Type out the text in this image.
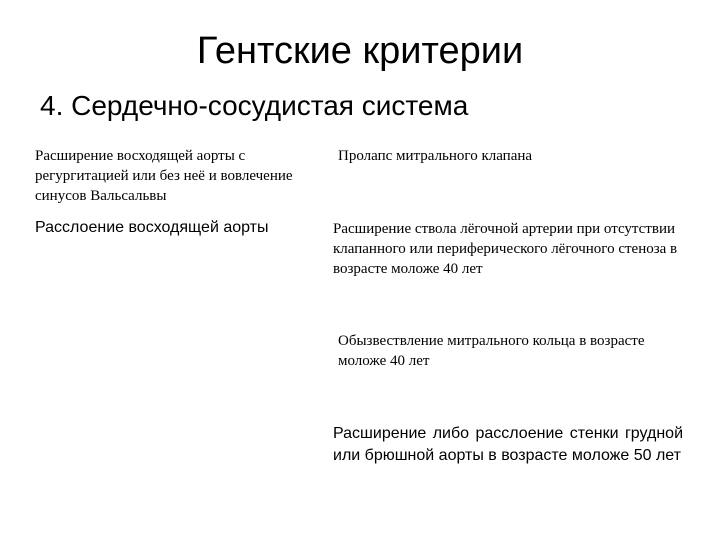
Гентские критерии
4. Сердечно-сосудистая система

Расширение восходящей аорты с регургитацией или без неё и вовлечение синусов Вальсальвы

Расслоение восходящей аорты

Пролапс митрального клапана

Расширение ствола лёгочной артерии при отсутствии клапанного или периферического лёгочного стеноза в возрасте моложе 40 лет

Обызвествление митрального кольца в возрасте моложе 40 лет

Расширение либо расслоение стенки грудной или брюшной аорты в возрасте моложе 50 лет
